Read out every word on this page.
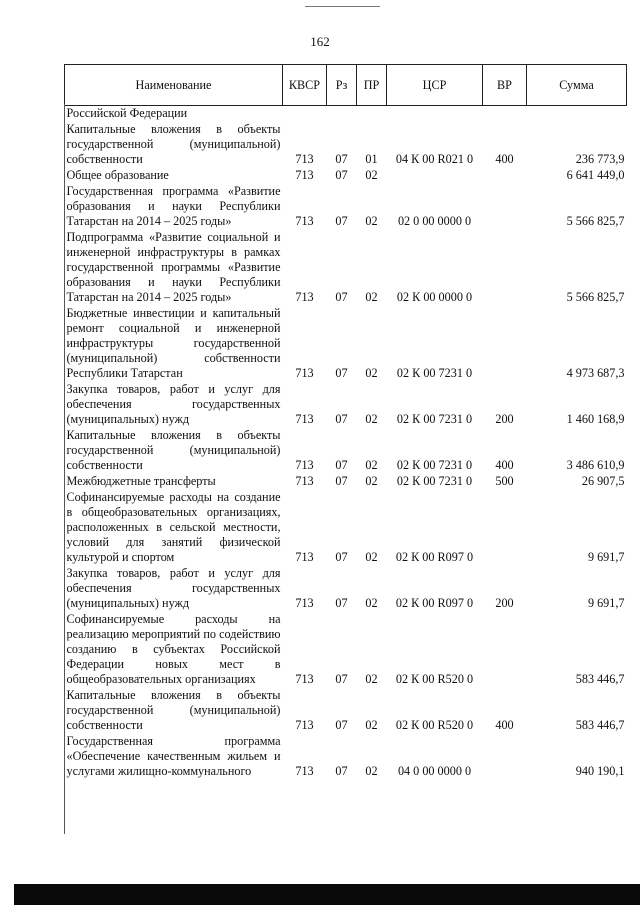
162
Наименование	КВСР	Рз	ПР	ЦСР	ВР	Сумма
Российской Федерации						
Капитальные вложения в объекты государственной (муниципальной) собственности	713	07	01	04 К 00 R021 0	400	236 773,9
Общее образование	713	07	02			6 641 449,0
Государственная программа «Развитие образования и науки Республики Татарстан на 2014 – 2025 годы»	713	07	02	02 0 00 0000 0		5 566 825,7
Подпрограмма «Развитие социальной и инженерной инфраструктуры в рамках государственной программы «Развитие образования и науки Республики Татарстан на 2014 – 2025 годы»	713	07	02	02 К 00 0000 0		5 566 825,7
Бюджетные инвестиции и капитальный ремонт социальной и инженерной инфраструктуры государственной (муниципальной) собственности Республики Татарстан	713	07	02	02 К 00 7231 0		4 973 687,3
Закупка товаров, работ и услуг для обеспечения государственных (муниципальных) нужд	713	07	02	02 К 00 7231 0	200	1 460 168,9
Капитальные вложения в объекты государственной (муниципальной) собственности	713	07	02	02 К 00 7231 0	400	3 486 610,9
Межбюджетные трансферты	713	07	02	02 К 00 7231 0	500	26 907,5
Софинансируемые расходы на создание в общеобразовательных организациях, расположенных в сельской местности, условий для занятий физической культурой и спортом	713	07	02	02 К 00 R097 0		9 691,7
Закупка товаров, работ и услуг для обеспечения государственных (муниципальных) нужд	713	07	02	02 К 00 R097 0	200	9 691,7
Софинансируемые расходы на реализацию мероприятий по содействию созданию в субъектах Российской Федерации новых мест в общеобразовательных организациях	713	07	02	02 К 00 R520 0		583 446,7
Капитальные вложения в объекты государственной (муниципальной) собственности	713	07	02	02 К 00 R520 0	400	583 446,7
Государственная программа «Обеспечение качественным жильем и услугами жилищно-коммунального	713	07	02	04 0 00 0000 0		940 190,1
